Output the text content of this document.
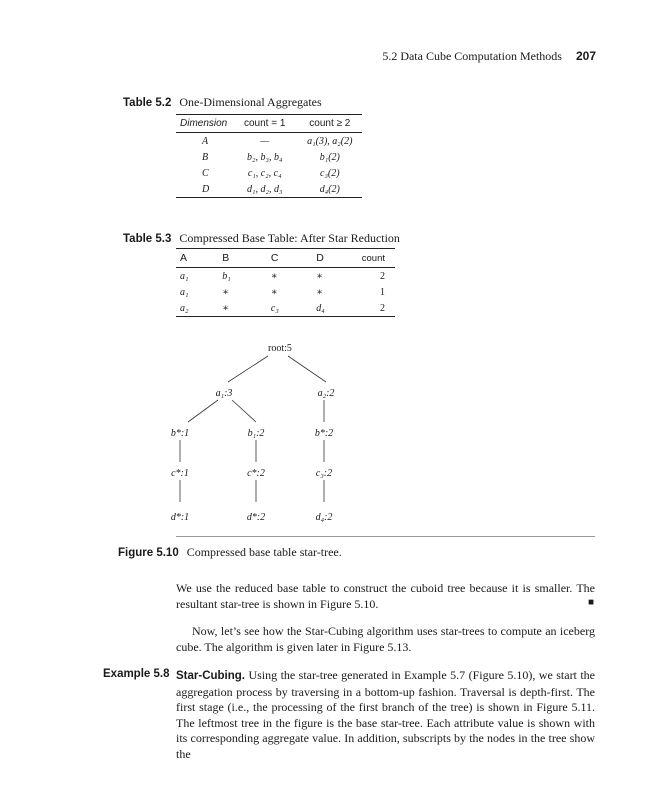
5.2 Data Cube Computation Methods 207
Table 5.2 One-Dimensional Aggregates
Dimension	count = 1	count ≥ 2
A	—	a₁(3), a₂(2)
B	b₂, b₃, b₄	b₁(2)
C	c₁, c₂, c₄	c₃(2)
D	d₁, d₂, d₃	d₄(2)
Table 5.3 Compressed Base Table: After Star Reduction
A	B	C	D	count
a₁	b₁	∗	∗	2
a₁	∗	∗	∗	1
a₂	∗	c₃	d₄	2
root:5
a₁:3	a₂:2
b*:1	b₁:2	b*:2
c*:1	c*:2	c₃:2
d*:1	d*:2	d₄:2
Figure 5.10 Compressed base table star-tree.
We use the reduced base table to construct the cuboid tree because it is smaller. The resultant star-tree is shown in Figure 5.10.	■
Now, let’s see how the Star-Cubing algorithm uses star-trees to compute an iceberg cube. The algorithm is given later in Figure 5.13.
Example 5.8 Star-Cubing. Using the star-tree generated in Example 5.7 (Figure 5.10), we start the aggregation process by traversing in a bottom-up fashion. Traversal is depth-first. The first stage (i.e., the processing of the first branch of the tree) is shown in Figure 5.11. The leftmost tree in the figure is the base star-tree. Each attribute value is shown with its corresponding aggregate value. In addition, subscripts by the nodes in the tree show the
